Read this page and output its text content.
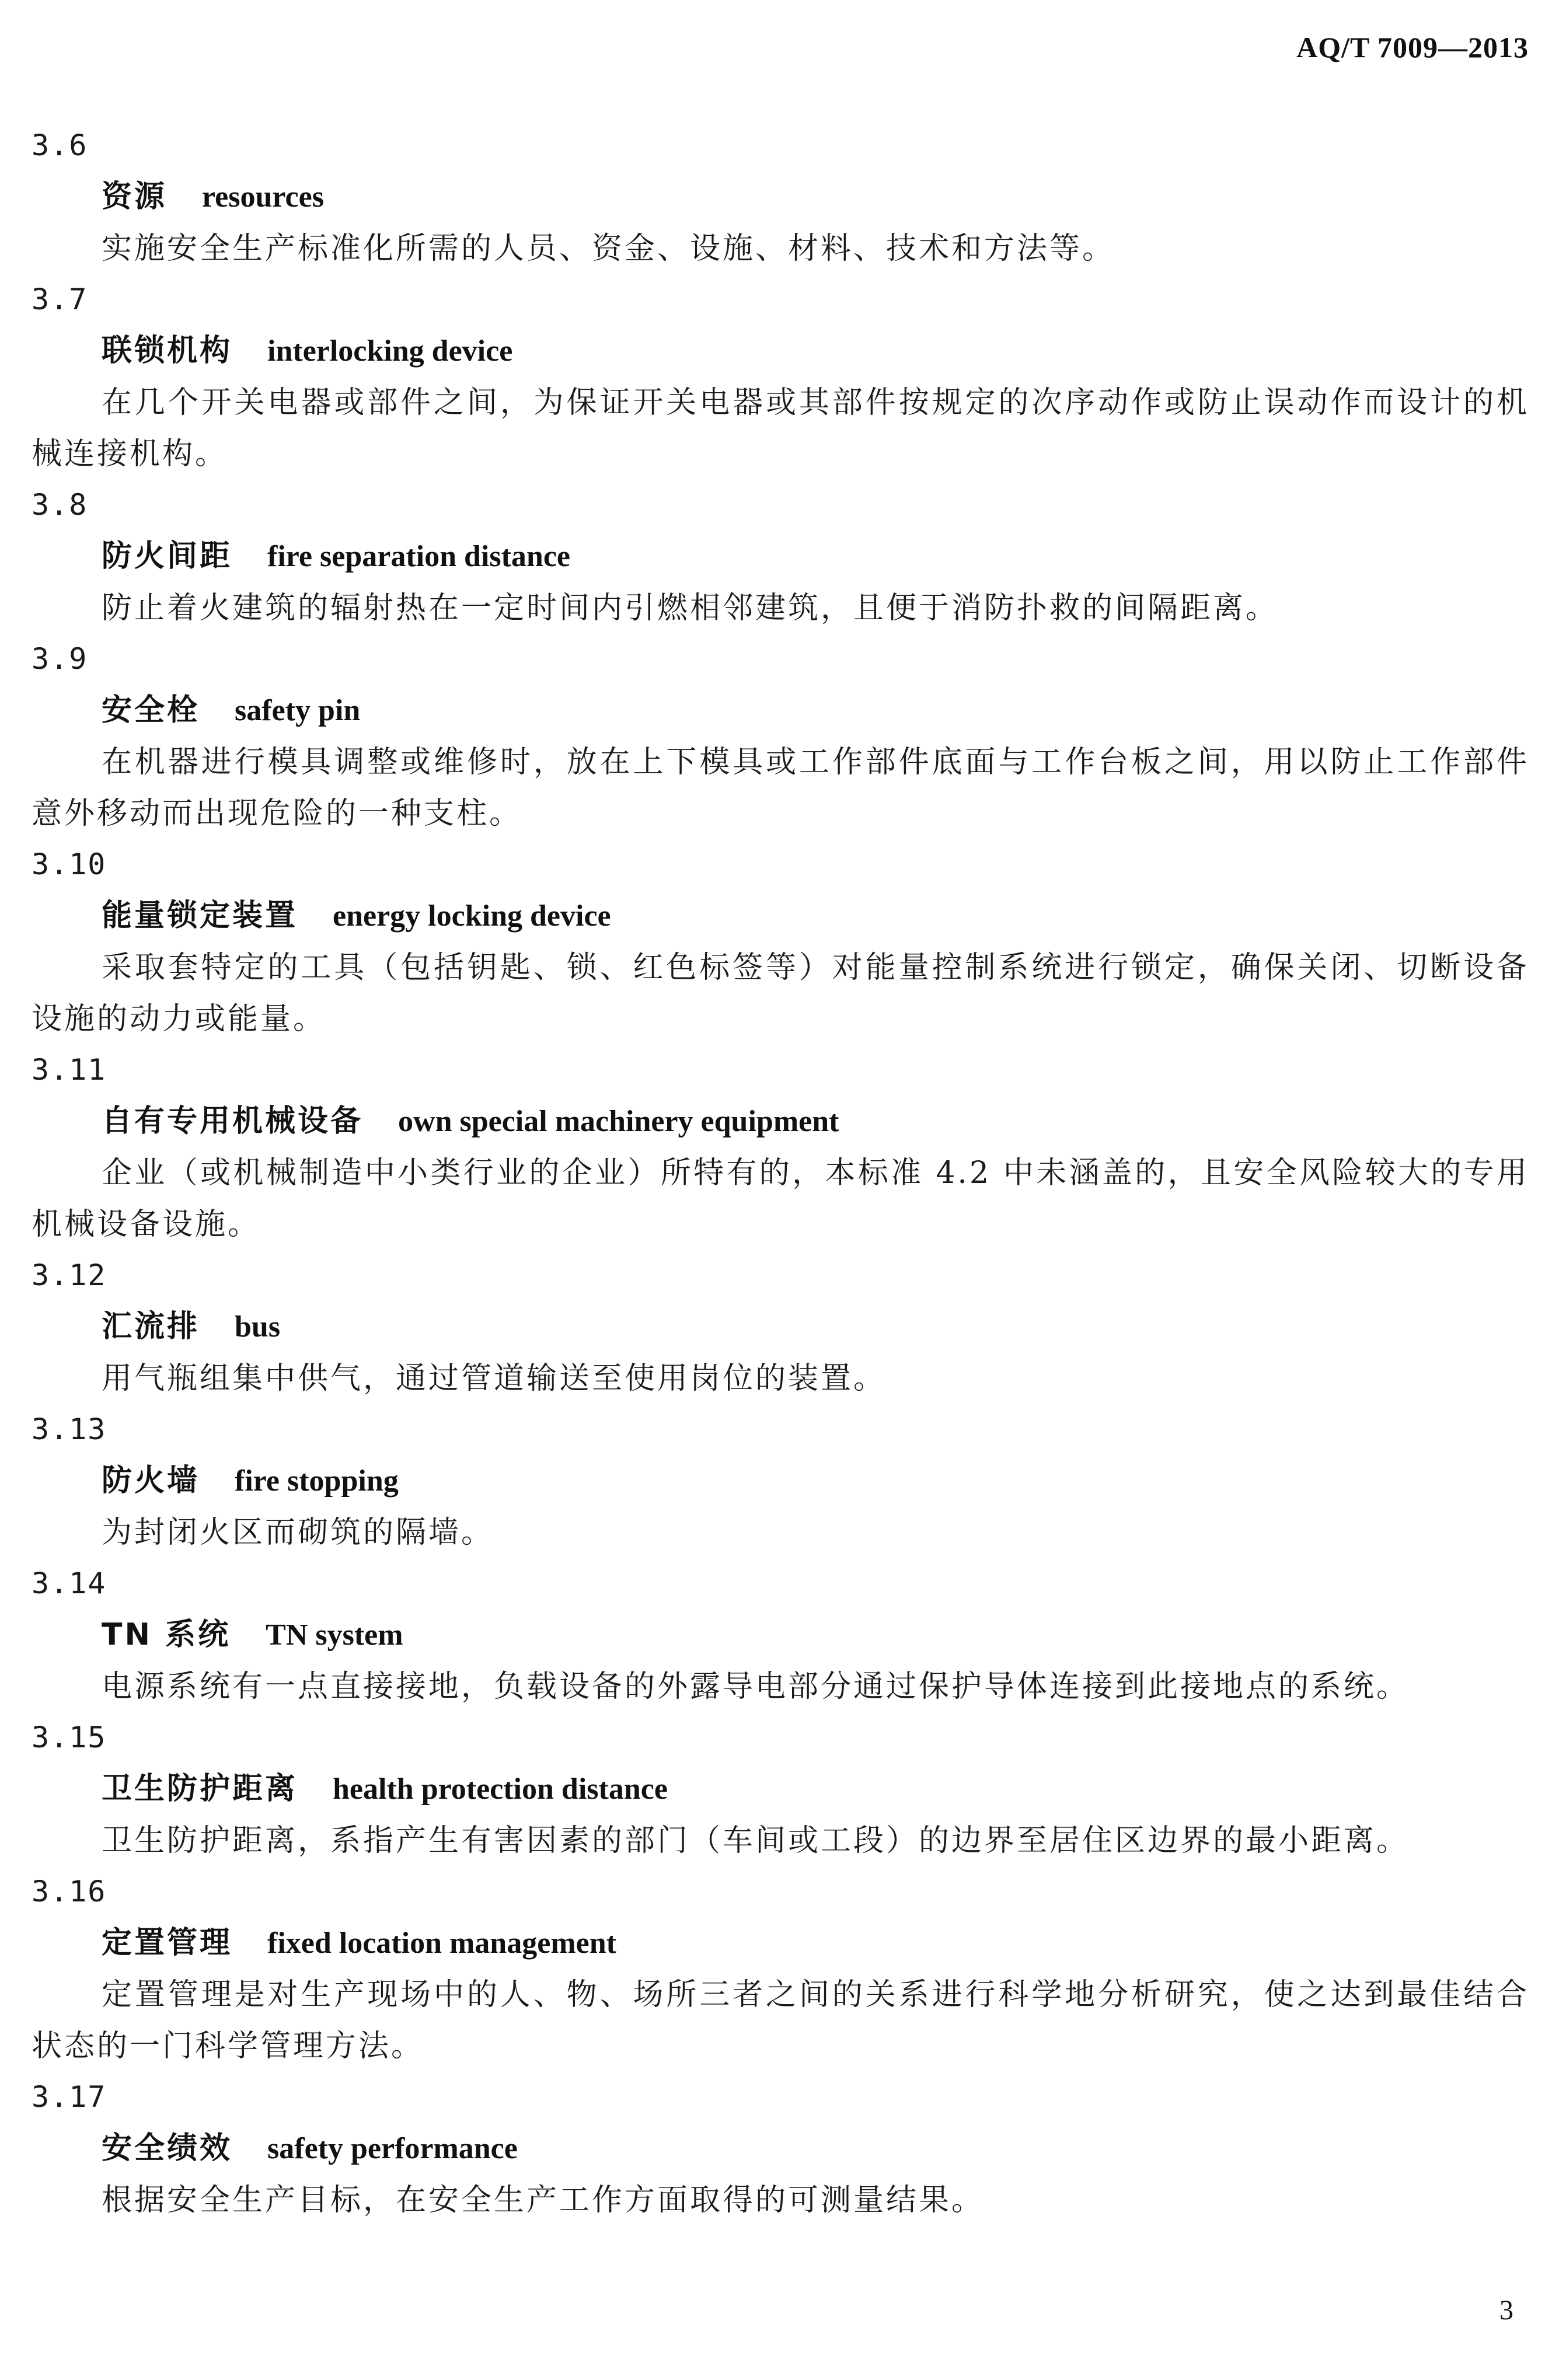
AQ/T 7009—2013
3.6
资源 resources
实施安全生产标准化所需的人员、资金、设施、材料、技术和方法等。
3.7
联锁机构 interlocking device
在几个开关电器或部件之间，为保证开关电器或其部件按规定的次序动作或防止误动作而设计的机械连接机构。
3.8
防火间距 fire separation distance
防止着火建筑的辐射热在一定时间内引燃相邻建筑，且便于消防扑救的间隔距离。
3.9
安全栓 safety pin
在机器进行模具调整或维修时，放在上下模具或工作部件底面与工作台板之间，用以防止工作部件意外移动而出现危险的一种支柱。
3.10
能量锁定装置 energy locking device
采取套特定的工具（包括钥匙、锁、红色标签等）对能量控制系统进行锁定，确保关闭、切断设备设施的动力或能量。
3.11
自有专用机械设备 own special machinery equipment
企业（或机械制造中小类行业的企业）所特有的，本标准 4.2 中未涵盖的，且安全风险较大的专用机械设备设施。
3.12
汇流排 bus
用气瓶组集中供气，通过管道输送至使用岗位的装置。
3.13
防火墙 fire stopping
为封闭火区而砌筑的隔墙。
3.14
TN 系统 TN system
电源系统有一点直接接地，负载设备的外露导电部分通过保护导体连接到此接地点的系统。
3.15
卫生防护距离 health protection distance
卫生防护距离，系指产生有害因素的部门（车间或工段）的边界至居住区边界的最小距离。
3.16
定置管理 fixed location management
定置管理是对生产现场中的人、物、场所三者之间的关系进行科学地分析研究，使之达到最佳结合状态的一门科学管理方法。
3.17
安全绩效 safety performance
根据安全生产目标，在安全生产工作方面取得的可测量结果。
3
